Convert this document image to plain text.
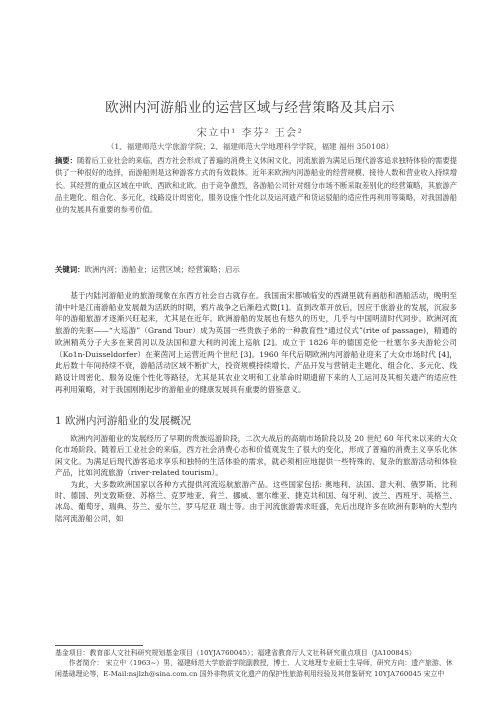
欧洲内河游船业的运营区域与经营策略及其启示
宋立中¹ 李芬² 王会²
（1、福建师范大学旅游学院；2、福建师范大学地理科学学院，福建 福州 350108）
摘要：随着后工业社会的来临，西方社会形成了普遍的消费主义休闲文化，河流旅游为满足后现代游客追求独特体验的需要提供了一种很好的选择，而游船则是这种游客方式的有效载体。近年来欧洲内河游船业的经营规模、接待人数和营业收入持续增长。其经营的重点区域在中欧、西欧和北欧。由于竞争激烈，各游船公司针对细分市场不断采取差别化的经营策略，其旅游产品主题化、组合化、多元化，线路设计周密化，服务设施个性化以及运河遗产和货运驳船的适应性再利用等策略，对我国游船业的发展具有重要的参考价值。
关键词：欧洲内河；游船业；运营区域；经营策略；启示
基于内陆河游船业的旅游现象在东西方社会自古就存在。我国南宋都城临安的西湖里就有画舫和酒船活动，晚明至清中叶是江南游船业发展最为活跃的时期，鸦片战争之后渐趋式微[1]。直到改革开放后，因应于旅游业的发展，沉寂多年的游船旅游才逐渐兴旺起来，尤其是在近年。欧洲游船的发展也有悠久的历史，几乎与中国明清时代同步。欧洲河流旅游的先驱——“大巡游”（Grand Tour）成为英国一些贵族子弟的一种教育性“通过仪式”(rite of passage)，精通的欧洲精英分子大多在莱茵河以及法国和意大利的河流上巡航 [2]。成立于 1826 年的德国克伦一杜塞尔多夫游轮公司（Ko1n-Duisseldorfer）在莱茵河上运营近两个世纪 [3]。1960 年代后期欧洲内河游船业迎来了大众市场时代 [4]，此后数十年间持续不衰，游船活动区域不断扩大，投资规模持续增长、产品开发与营销走主题化、组合化、多元化、线路设计周密化、服务设施个性化等路径，尤其是其农业文明和工业革命时期遗留下来的人工运河及其相关遗产的适应性再利用策略，对于我国刚刚起步的游船业的健康发展具有重要的借鉴意义。
1 欧洲内河游船业的发展概况

欧洲内河游船业的发展经历了早期的贵族巡游阶段，二次大战后的高端市场阶段以及 20 世纪 60 年代末以来的大众化市场阶段。随着后工业社会的来临，西方社会消费心态和价值观发生了很大的变化，形成了普遍的消费主义享乐化休闲文化。为满足后现代游客追求享乐和独特的生活体验的需求，就必须相应地提供一些特殊的、复杂的旅游活动和体验产品，比如河流旅游（river-related tourism）。

为此，大多数欧洲国家以各种方式提供河流巡航旅游产品。这些国家包括: 奥地利、法国、意大利、俄罗斯、比利时、德国、列支敦斯登、苏格兰、克罗地亚、荷兰、挪威、塞尔维亚、捷克共和国、匈牙利、波兰、西班牙、英格兰、冰岛、葡萄牙、瑞典、芬兰、爱尔兰、罗马尼亚 瑞士等。由于河流旅游需求旺盛，先后出现许多在欧洲有影响的大型内陆河流游船公司，如

基金项目：教育部人文社科研究规划基金项目（10YJA760045）；福建省教育厅人文社科研究重点项目（JA10084S）

作者简介： 宋立中（1963~）男，福建师范大学旅游学院副教授，博士、人文地理专业硕士生导师，研究方向：遗产旅游、休闲基础理论等，E-Mail:nsjlzh@sina.com.cn 国外非物质文化遗产的保护性旅游利用经验及其借鉴研究 10YJA760045 宋立中
